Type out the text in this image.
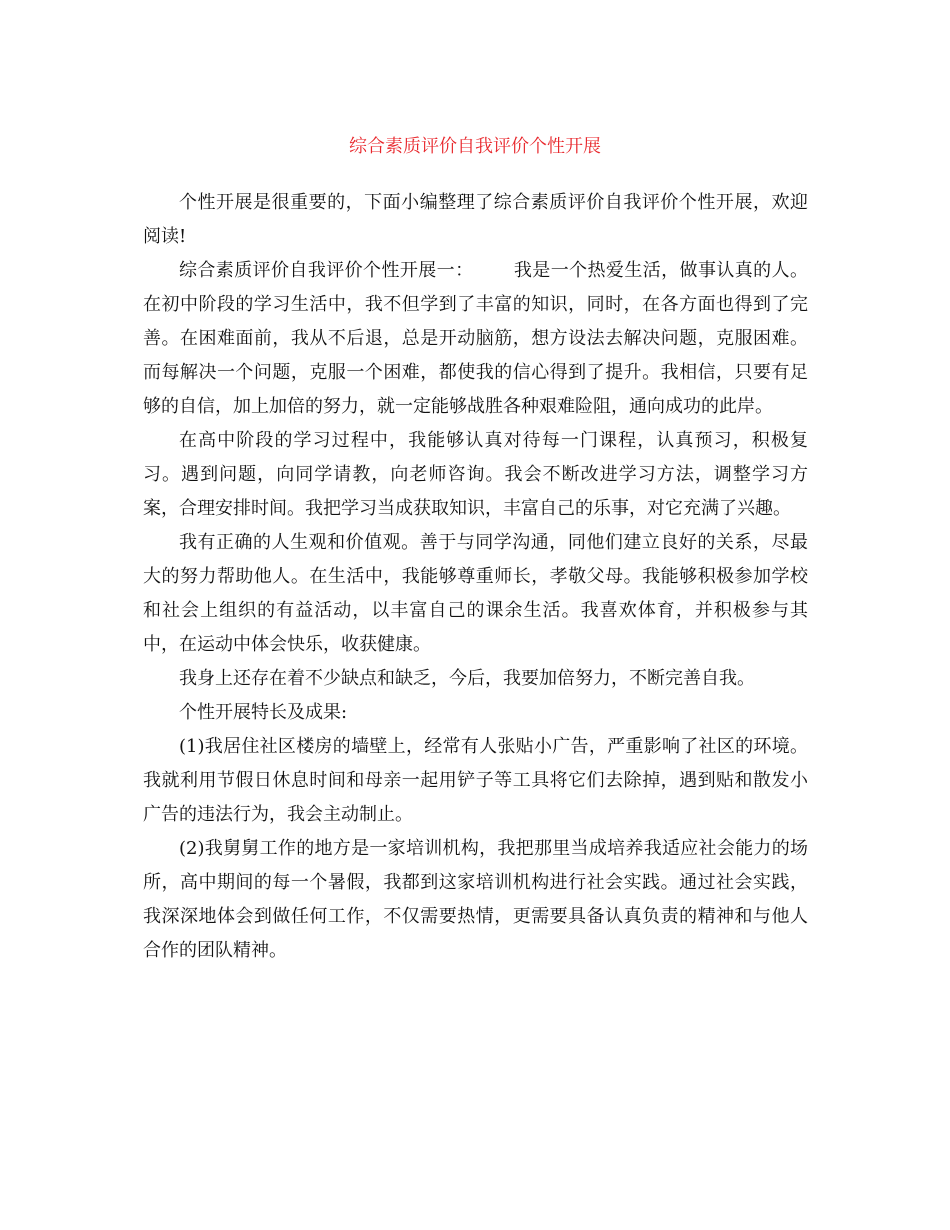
综合素质评价自我评价个性开展

个性开展是很重要的，下面小编整理了综合素质评价自我评价个性开展，欢迎阅读!

综合素质评价自我评价个性开展一： 我是一个热爱生活，做事认真的人。在初中阶段的学习生活中，我不但学到了丰富的知识，同时，在各方面也得到了完善。在困难面前，我从不后退，总是开动脑筋，想方设法去解决问题，克服困难。而每解决一个问题，克服一个困难，都使我的信心得到了提升。我相信，只要有足够的自信，加上加倍的努力，就一定能够战胜各种艰难险阻，通向成功的此岸。

在高中阶段的学习过程中，我能够认真对待每一门课程，认真预习，积极复习。遇到问题，向同学请教，向老师咨询。我会不断改进学习方法，调整学习方案，合理安排时间。我把学习当成获取知识，丰富自己的乐事，对它充满了兴趣。

我有正确的人生观和价值观。善于与同学沟通，同他们建立良好的关系，尽最大的努力帮助他人。在生活中，我能够尊重师长，孝敬父母。我能够积极参加学校和社会上组织的有益活动，以丰富自己的课余生活。我喜欢体育，并积极参与其中，在运动中体会快乐，收获健康。

我身上还存在着不少缺点和缺乏，今后，我要加倍努力，不断完善自我。

个性开展特长及成果:

(1)我居住社区楼房的墙壁上，经常有人张贴小广告，严重影响了社区的环境。我就利用节假日休息时间和母亲一起用铲子等工具将它们去除掉，遇到贴和散发小广告的违法行为，我会主动制止。

(2)我舅舅工作的地方是一家培训机构，我把那里当成培养我适应社会能力的场所，高中期间的每一个暑假，我都到这家培训机构进行社会实践。通过社会实践，我深深地体会到做任何工作，不仅需要热情，更需要具备认真负责的精神和与他人合作的团队精神。
